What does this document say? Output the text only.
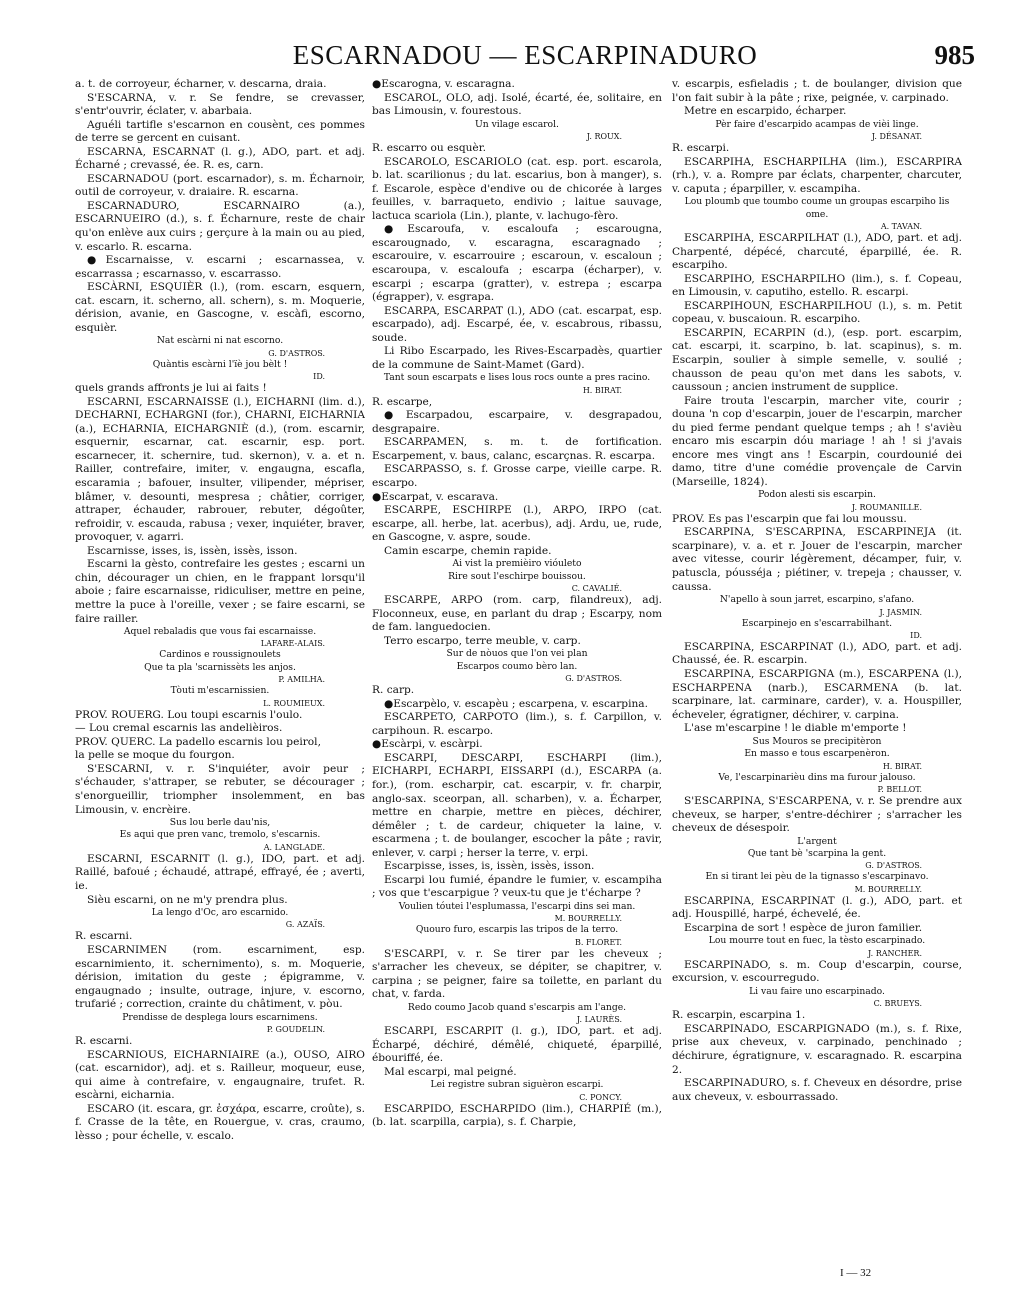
ESCARNADOU — ESCARPINADURO	985

a. t. de corroyeur, écharner, v. descarna, draia.

S'ESCARNA, v. r. Se fendre, se crevasser, s'entr'ouvrir, éclater, v. abarbaia.

Aguéli tartifle s'escarnon en cousènt, ces pommes de terre se gercent en cuisant.

ESCARNA, ESCARNAT (l. g.), ADO, part. et adj. Écharné ; crevassé, ée. R. es, carn.

ESCARNADOU (port. escarnador), s. m. Écharnoir, outil de corroyeur, v. draiaire. R. escarna.

ESCARNADURO, ESCARNAIRO (a.), ESCARNUEIRO (d.), s. f. Écharnure, reste de chair qu'on enlève aux cuirs ; gerçure à la main ou au pied, v. escarlo. R. escarna.

●Escarnaisse, v. escarni ; escarnassea, v. escarrassa ; escarnasso, v. escarrasso.

ESCÀRNI, ESQUIÈR (l.), (rom. escarn, esquern, cat. escarn, it. scherno, all. schern), s. m. Moquerie, dérision, avanie, en Gascogne, v. escàfi, escorno, esquièr.

Nat escàrni ni nat escorno.

G. D'ASTROS.

Quàntis escàrni l'ïè jou bèlt !

ID.

quels grands affronts je lui ai faits !

ESCARNI, ESCARNAISSE (l.), EICHARNI (lim. d.), DECHARNI, ECHARGNI (for.), CHARNI, EICHARNIA (a.), ECHARNIA, EICHARGNIÈ (d.), (rom. escarnir, esquernir, escarnar, cat. escarnir, esp. port. escarnecer, it. schernire, tud. skernon), v. a. et n. Railler, contrefaire, imiter, v. engaugna, escafla, escaramia ; bafouer, insulter, vilipender, mépriser, blâmer, v. desounti, mespresa ; châtier, corriger, attraper, échauder, rabrouer, rebuter, dégoûter, refroidir, v. escauda, rabusa ; vexer, inquiéter, braver, provoquer, v. agarri.

Escarnisse, isses, is, issèn, issès, isson.

Escarni la gèsto, contrefaire les gestes ; escarni un chin, décourager un chien, en le frappant lorsqu'il aboie ; faire escarnaisse, ridiculiser, mettre en peine, mettre la puce à l'oreille, vexer ; se faire escarni, se faire railler.

Aquel rebaladis que vous fai escarnaisse.

LAFARE-ALAIS.

Cardinos e roussignoulets

Que ta pla 'scarnissèts les anjos.

P. AMILHA.

Tòuti m'escarnissien.

L. ROUMIEUX.

PROV. ROUERG. Lou toupi escarnis l'oulo.

— Lou cremal escarnis las andelièiros.

PROV. QUERC. La padello escarnis lou peirol,

la pelle se moque du fourgon.

S'ESCARNI, v. r. S'inquiéter, avoir peur ; s'échauder, s'attraper, se rebuter, se décourager ; s'enorgueillir, triompher insolemment, en bas Limousin, v. encrèire.

Sus lou berle dau'nis,

Es aqui que pren vanc, tremolo, s'escarnis.

A. LANGLADE.

ESCARNI, ESCARNIT (l. g.), IDO, part. et adj. Raillé, bafoué ; échaudé, attrapé, effrayé, ée ; averti, ie.

Sièu escarni, on ne m'y prendra plus.

La lengo d'Oc, aro escarnido.

G. AZAÏS.

R. escarni.

ESCARNIMEN (rom. escarniment, esp. escarnimiento, it. schernimento), s. m. Moquerie, dérision, imitation du geste ; épigramme, v. engaugnado ; insulte, outrage, injure, v. escorno, trufarié ; correction, crainte du châtiment, v. pòu.

Prendisse de desplega lours escarnimens.

P. GOUDELIN.

R. escarni.

ESCARNIOUS, EICHARNIAIRE (a.), OUSO, AIRO (cat. escarnidor), adj. et s. Railleur, moqueur, euse, qui aime à contrefaire, v. engaugnaire, trufet. R. escàrni, eicharnia.

ESCARO (it. escara, gr. ἐσχάρα, escarre, croûte), s. f. Crasse de la tête, en Rouergue, v. cras, craumo, lèsso ; pour échelle, v. escalo.

●Escarogna, v. escaragna.

ESCAROL, OLO, adj. Isolé, écarté, ée, solitaire, en bas Limousin, v. fourestous.

Un vilage escarol.

J. ROUX.

R. escarro ou esquèr.

ESCAROLO, ESCARIOLO (cat. esp. port. escarola, b. lat. scarilionus ; du lat. escarius, bon à manger), s. f. Escarole, espèce d'endive ou de chicorée à larges feuilles, v. barraqueto, endivio ; laitue sauvage, lactuca scariola (Lin.), plante, v. lachugo-fèro.

●Escaroufa, v. escaloufa ; escarougna, escarougnado, v. escaragna, escaragnado ; escarouire, v. escarrouire ; escaroun, v. escaloun ; escaroupa, v. escaloufa ; escarpa (écharper), v. escarpi ; escarpa (gratter), v. estrepa ; escarpa (égrapper), v. esgrapa.

ESCARPA, ESCARPAT (l.), ADO (cat. escarpat, esp. escarpado), adj. Escarpé, ée, v. escabrous, ribassu, soude.

Li Ribo Escarpado, les Rives-Escarpadès, quartier de la commune de Saint-Mamet (Gard).

Tant soun escarpats e lises lous rocs ounte a pres racino.

H. BIRAT.

R. escarpe,

●Escarpadou, escarpaire, v. desgrapadou, desgrapaire.

ESCARPAMEN, s. m. t. de fortification. Escarpement, v. baus, calanc, escarçnas. R. escarpa.

ESCARPASSO, s. f. Grosse carpe, vieille carpe. R. escarpo.

●Escarpat, v. escarava.

ESCARPE, ESCHIRPE (l.), ARPO, IRPO (cat. escarpe, all. herbe, lat. acerbus), adj. Ardu, ue, rude, en Gascogne, v. aspre, soude.

Camin escarpe, chemin rapide.

Ai vist la premièiro vióuleto

Rire sout l'eschirpe bouissou.

C. CAVALIÉ.

ESCARPE, ARPO (rom. carp, filandreux), adj. Floconneux, euse, en parlant du drap ; Escarpy, nom de fam. languedocien.

Terro escarpo, terre meuble, v. carp.

Sur de nòuos que l'on vei plan

Escarpos coumo bèro lan.

G. D'ASTROS.

R. carp.

●Escarpèlo, v. escapèu ; escarpena, v. escarpina.

ESCARPETO, CARPOTO (lim.), s. f. Carpillon, v. carpihoun. R. escarpo.

●Escàrpi, v. escàrpi.

ESCARPI, DESCARPI, ESCHARPI (lim.), EICHARPI, ECHARPI, EISSARPI (d.), ESCARPA (a. for.), (rom. escharpir, cat. escarpir, v. fr. charpir, anglo-sax. sceorpan, all. scharben), v. a. Écharper, mettre en charpie, mettre en pièces, déchirer, démêler ; t. de cardeur, chiqueter la laine, v. escarmena ; t. de boulanger, escocher la pâte ; ravir, enlever, v. carpi ; herser la terre, v. erpi.

Escarpisse, isses, is, issèn, issès, isson.

Escarpi lou fumié, épandre le fumier, v. escampiha ; vos que t'escarpigue ? veux-tu que je t'écharpe ?

Voulien tóutei l'esplumassa, l'escarpi dins sei man.

M. BOURRELLY.

Quouro furo, escarpis las tripos de la terro.

B. FLORET.

S'ESCARPI, v. r. Se tirer par les cheveux ; s'arracher les cheveux, se dépiter, se chapitrer, v. carpina ; se peigner, faire sa toilette, en parlant du chat, v. farda.

Redo coumo Jacob quand s'escarpis am l'ange.

J. LAURÈS.

ESCARPI, ESCARPIT (l. g.), IDO, part. et adj. Écharpé, déchiré, démêlé, chiqueté, éparpillé, ébouriffé, ée.

Mal escarpi, mal peigné.

Lei registre subran siguèron escarpi.

C. PONCY.

ESCARPIDO, ESCHARPIDO (lim.), CHARPIÉ (m.), (b. lat. scarpilla, carpia), s. f. Charpie,

v. escarpis, esfieladis ; t. de boulanger, division que l'on fait subir à la pâte ; rixe, peignée, v. carpinado.

Metre en escarpido, écharper.

Pèr faire d'escarpido acampas de vièi linge.

J. DÉSANAT.

R. escarpi.

ESCARPIHA, ESCHARPILHA (lim.), ESCARPIRA (rh.), v. a. Rompre par éclats, charpenter, charcuter, v. caputa ; éparpiller, v. escampiha.

Lou ploumb que toumbo coume un groupas escarpiho lis ome.

A. TAVAN.

ESCARPIHA, ESCARPILHAT (l.), ADO, part. et adj. Charpenté, dépécé, charcuté, éparpillé, ée. R. escarpiho.

ESCARPIHO, ESCHARPILHO (lim.), s. f. Copeau, en Limousin, v. caputiho, estello. R. escarpi.

ESCARPIHOUN, ESCHARPILHOU (l.), s. m. Petit copeau, v. buscaioun. R. escarpiho.

ESCARPIN, ECARPIN (d.), (esp. port. escarpim, cat. escarpi, it. scarpino, b. lat. scapinus), s. m. Escarpin, soulier à simple semelle, v. soulié ; chausson de peau qu'on met dans les sabots, v. caussoun ; ancien instrument de supplice.

Faire trouta l'escarpin, marcher vite, courir ; douna 'n cop d'escarpin, jouer de l'escarpin, marcher du pied ferme pendant quelque temps ; ah ! s'avièu encaro mis escarpin dóu mariage ! ah ! si j'avais encore mes vingt ans ! Escarpin, courdounié dei damo, titre d'une comédie provençale de Carvin (Marseille, 1824).

Podon alesti sis escarpin.

J. ROUMANILLE.

PROV. Es pas l'escarpin que fai lou moussu.

ESCARPINA, S'ESCARPINA, ESCARPINEJA (it. scarpinare), v. a. et r. Jouer de l'escarpin, marcher avec vitesse, courir légèrement, décamper, fuir, v. patuscla, póusséja ; piétiner, v. trepeja ; chausser, v. caussa.

N'apello à soun jarret, escarpino, s'afano.

J. JASMIN.

Escarpinejo en s'escarrabilhant.

ID.

ESCARPINA, ESCARPINAT (l.), ADO, part. et adj. Chaussé, ée. R. escarpin.

ESCARPINA, ESCARPIGNA (m.), ESCARPENA (l.), ESCHARPENA (narb.), ESCARMENA (b. lat. scarpinare, lat. carminare, carder), v. a. Houspiller, écheveler, égratigner, déchirer, v. carpina.

L'ase m'escarpine ! le diable m'emporte !

Sus Mouros se precipitèron

En masso e tous escarpenèron.

H. BIRAT.

Ve, l'escarpinarièu dins ma furour jalouso.

P. BELLOT.

S'ESCARPINA, S'ESCARPENA, v. r. Se prendre aux cheveux, se harper, s'entre-déchirer ; s'arracher les cheveux de désespoir.

L'argent

Que tant bè 'scarpina la gent.

G. D'ASTROS.

En si tirant lei pèu de la tignasso s'escarpinavo.

M. BOURRELLY.

ESCARPINA, ESCARPINAT (l. g.), ADO, part. et adj. Houspillé, harpé, échevelé, ée.

Escarpina de sort ! espèce de juron familier.

Lou mourre tout en fuec, la tèsto escarpinado.

J. RANCHER.

ESCARPINADO, s. m. Coup d'escarpin, course, excursion, v. escourregudo.

Li vau faire uno escarpinado.

C. BRUEYS.

R. escarpin, escarpina 1.

ESCARPINADO, ESCARPIGNADO (m.), s. f. Rixe, prise aux cheveux, v. carpinado, penchinado ; déchirure, égratignure, v. escaragnado. R. escarpina 2.

ESCARPINADURO, s. f. Cheveux en désordre, prise aux cheveux, v. esbourrassado.

I — 32
